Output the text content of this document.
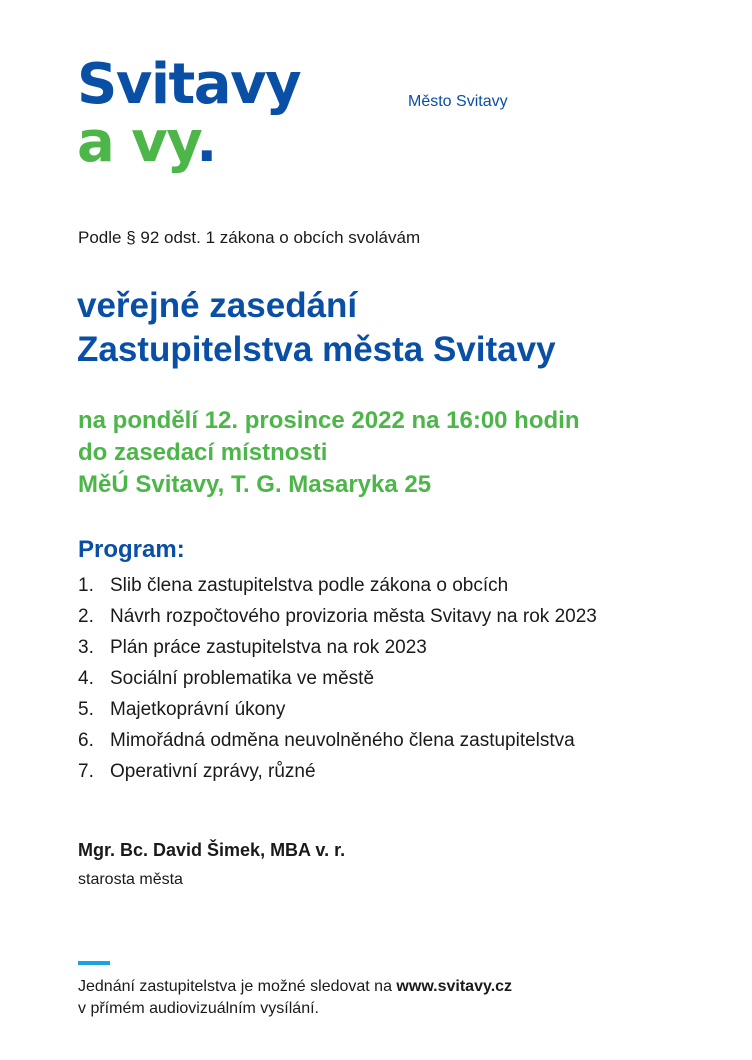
Svitavy
a vy.
Město Svitavy
Podle § 92 odst. 1 zákona o obcích svolávám
veřejné zasedání
Zastupitelstva města Svitavy
na pondělí 12. prosince 2022 na 16:00 hodin
do zasedací místnosti
MěÚ Svitavy, T. G. Masaryka 25
Program:
1. Slib člena zastupitelstva podle zákona o obcích
2. Návrh rozpočtového provizoria města Svitavy na rok 2023
3. Plán práce zastupitelstva na rok 2023
4. Sociální problematika ve městě
5. Majetkoprávní úkony
6. Mimořádná odměna neuvolněného člena zastupitelstva
7. Operativní zprávy, různé
Mgr. Bc. David Šimek, MBA v. r.
starosta města
Jednání zastupitelstva je možné sledovat na www.svitavy.cz
v přímém audiovizuálním vysílání.
